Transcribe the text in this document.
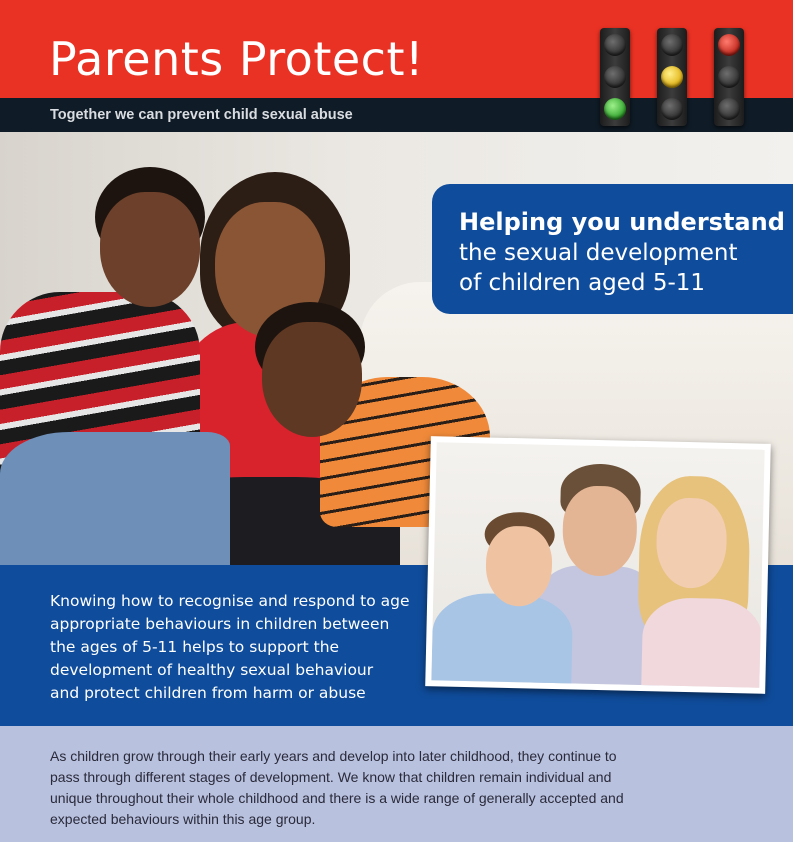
Parents Protect!
Together we can prevent child sexual abuse
Helping you understand
the sexual development
of children aged 5-11
Knowing how to recognise and respond to age
appropriate behaviours in children between
the ages of 5-11 helps to support the
development of healthy sexual behaviour
and protect children from harm or abuse
As children grow through their early years and develop into later childhood, they continue to
pass through different stages of development. We know that children remain individual and
unique throughout their whole childhood and there is a wide range of generally accepted and
expected behaviours within this age group.
